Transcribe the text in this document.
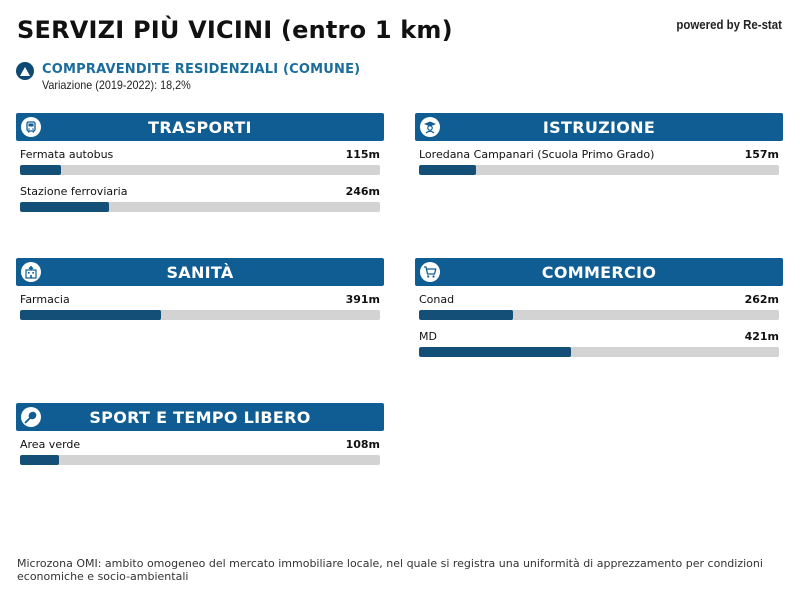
SERVIZI PIÙ VICINI (entro 1 km)	powered by Re-stat
COMPRAVENDITE RESIDENZIALI (COMUNE)
Variazione (2019-2022): 18,2%
TRASPORTI
Fermata autobus	115m
Stazione ferroviaria	246m
ISTRUZIONE
Loredana Campanari (Scuola Primo Grado)	157m
SANITÀ
Farmacia	391m
COMMERCIO
Conad	262m
MD	421m
SPORT E TEMPO LIBERO
Area verde	108m
Microzona OMI: ambito omogeneo del mercato immobiliare locale, nel quale si registra una uniformità di apprezzamento per condizioni economiche e socio-ambientali
